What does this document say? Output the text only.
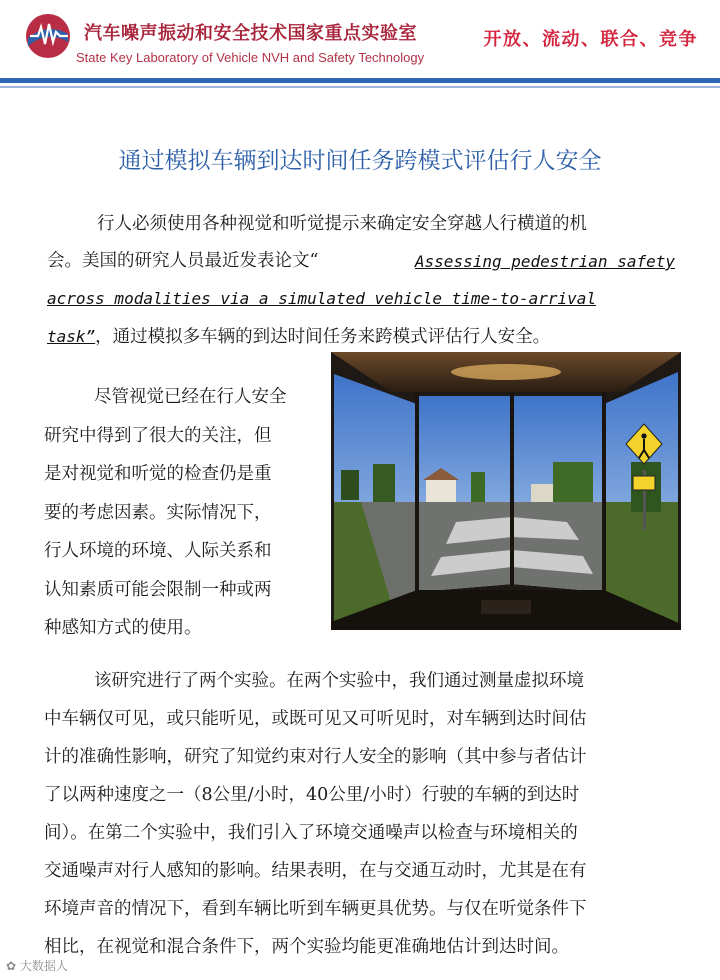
汽车噪声振动和安全技术国家重点实验室
State Key Laboratory of Vehicle NVH and Safety Technology
开放、流动、联合、竞争
通过模拟车辆到达时间任务跨模式评估行人安全
行人必须使用各种视觉和听觉提示来确定安全穿越人行横道的机
会。美国的研究人员最近发表论文“	Assessing pedestrian safety
across modalities via a simulated vehicle time-to-arrival
task”，通过模拟多车辆的到达时间任务来跨模式评估行人安全。
尽管视觉已经在行人安全
研究中得到了很大的关注，但
是对视觉和听觉的检查仍是重
要的考虑因素。实际情况下，
行人环境的环境、人际关系和
认知素质可能会限制一种或两
种感知方式的使用。
该研究进行了两个实验。在两个实验中，我们通过测量虚拟环境
中车辆仅可见，或只能听见，或既可见又可听见时，对车辆到达时间估
计的准确性影响，研究了知觉约束对行人安全的影响（其中参与者估计
了以两种速度之一（8公里/小时，40公里/小时）行驶的车辆的到达时
间）。在第二个实验中，我们引入了环境交通噪声以检查与环境相关的
交通噪声对行人感知的影响。结果表明，在与交通互动时，尤其是在有
环境声音的情况下，看到车辆比听到车辆更具优势。与仅在听觉条件下
相比，在视觉和混合条件下，两个实验均能更准确地估计到达时间。
✿ 大数据人
